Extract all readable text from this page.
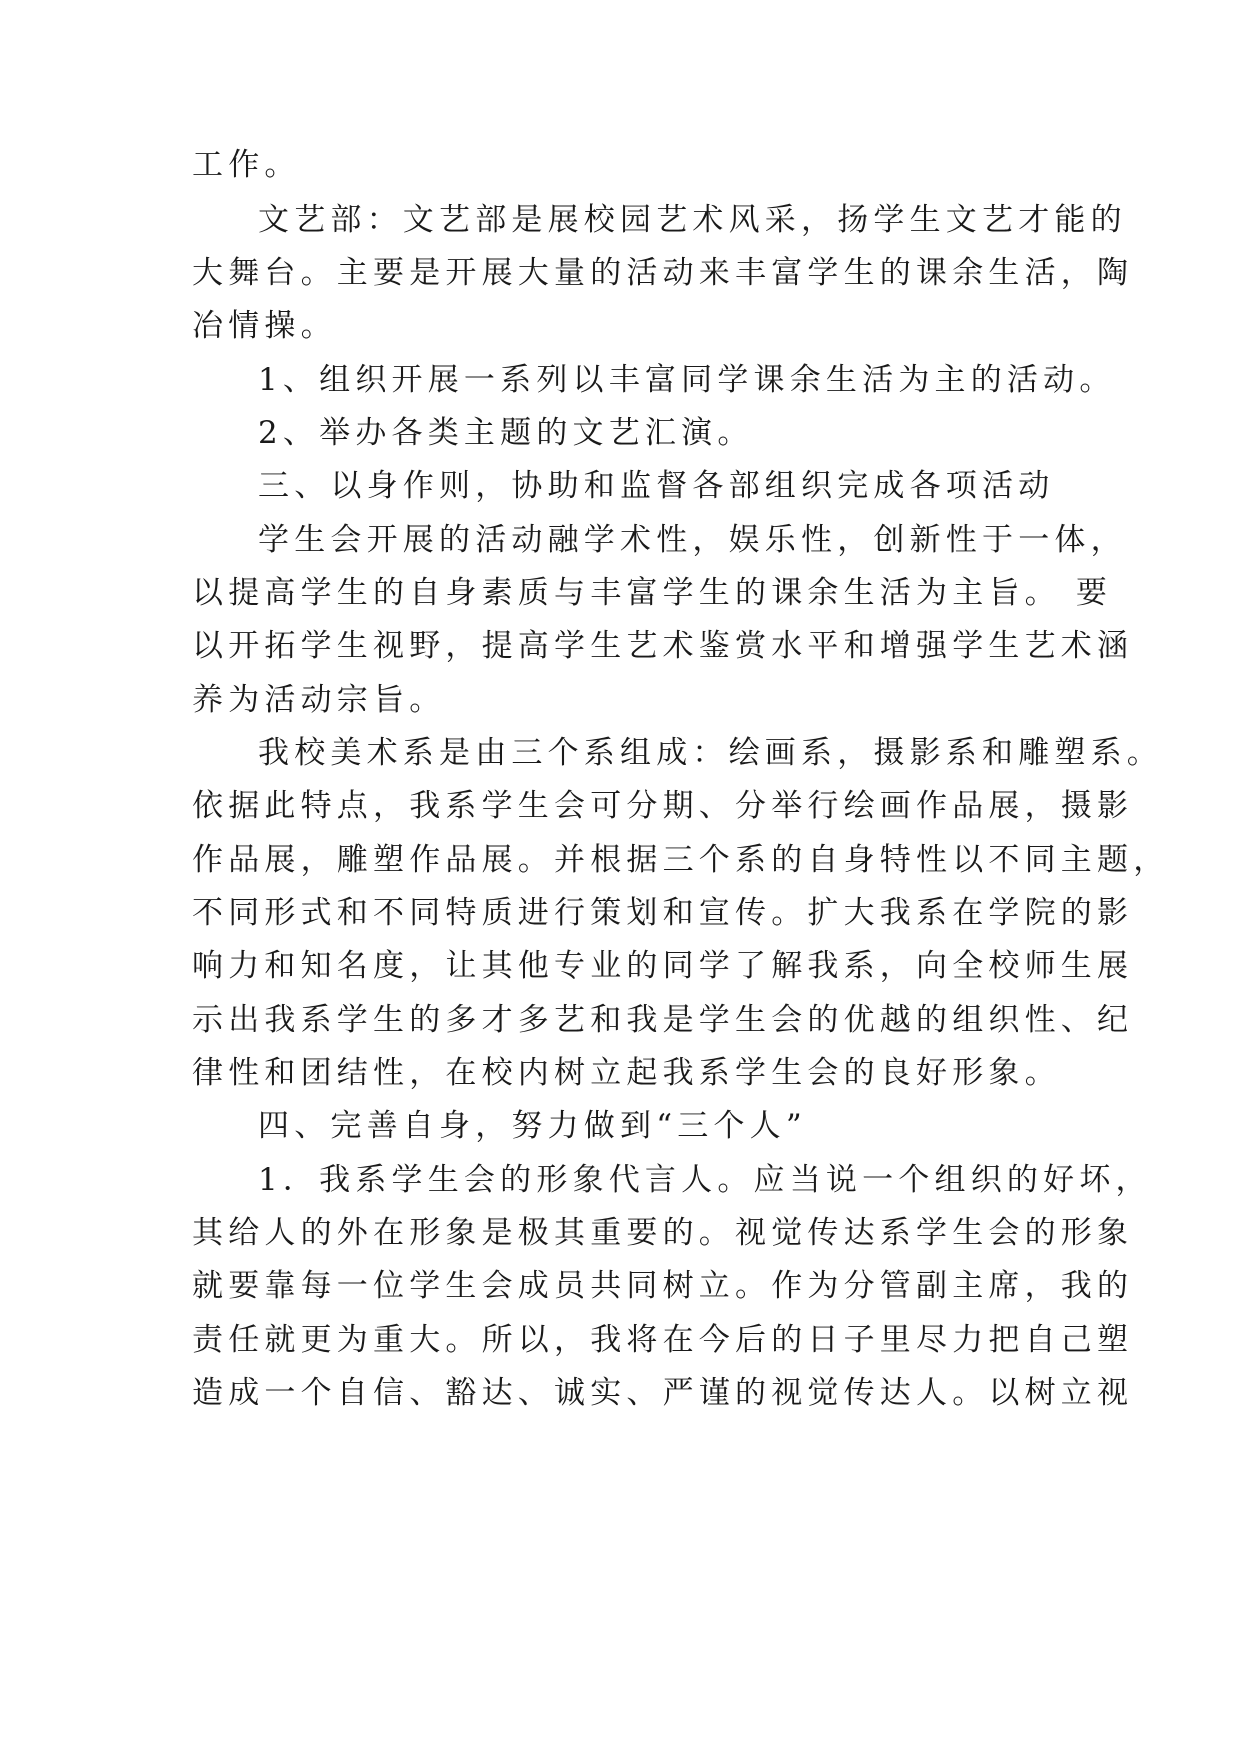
工作。
文艺部：文艺部是展校园艺术风采，扬学生文艺才能的
大舞台。主要是开展大量的活动来丰富学生的课余生活，陶
冶情操。
1、组织开展一系列以丰富同学课余生活为主的活动。
2、举办各类主题的文艺汇演。
三、以身作则，协助和监督各部组织完成各项活动
学生会开展的活动融学术性，娱乐性，创新性于一体，
以提高学生的自身素质与丰富学生的课余生活为主旨。 要
以开拓学生视野，提高学生艺术鉴赏水平和增强学生艺术涵
养为活动宗旨。
我校美术系是由三个系组成：绘画系，摄影系和雕塑系。
依据此特点，我系学生会可分期、分举行绘画作品展，摄影
作品展，雕塑作品展。并根据三个系的自身特性以不同主题，
不同形式和不同特质进行策划和宣传。扩大我系在学院的影
响力和知名度，让其他专业的同学了解我系，向全校师生展
示出我系学生的多才多艺和我是学生会的优越的组织性、纪
律性和团结性，在校内树立起我系学生会的良好形象。
四、完善自身，努力做到“三个人”
1．我系学生会的形象代言人。应当说一个组织的好坏，
其给人的外在形象是极其重要的。视觉传达系学生会的形象
就要靠每一位学生会成员共同树立。作为分管副主席，我的
责任就更为重大。所以，我将在今后的日子里尽力把自己塑
造成一个自信、豁达、诚实、严谨的视觉传达人。以树立视
